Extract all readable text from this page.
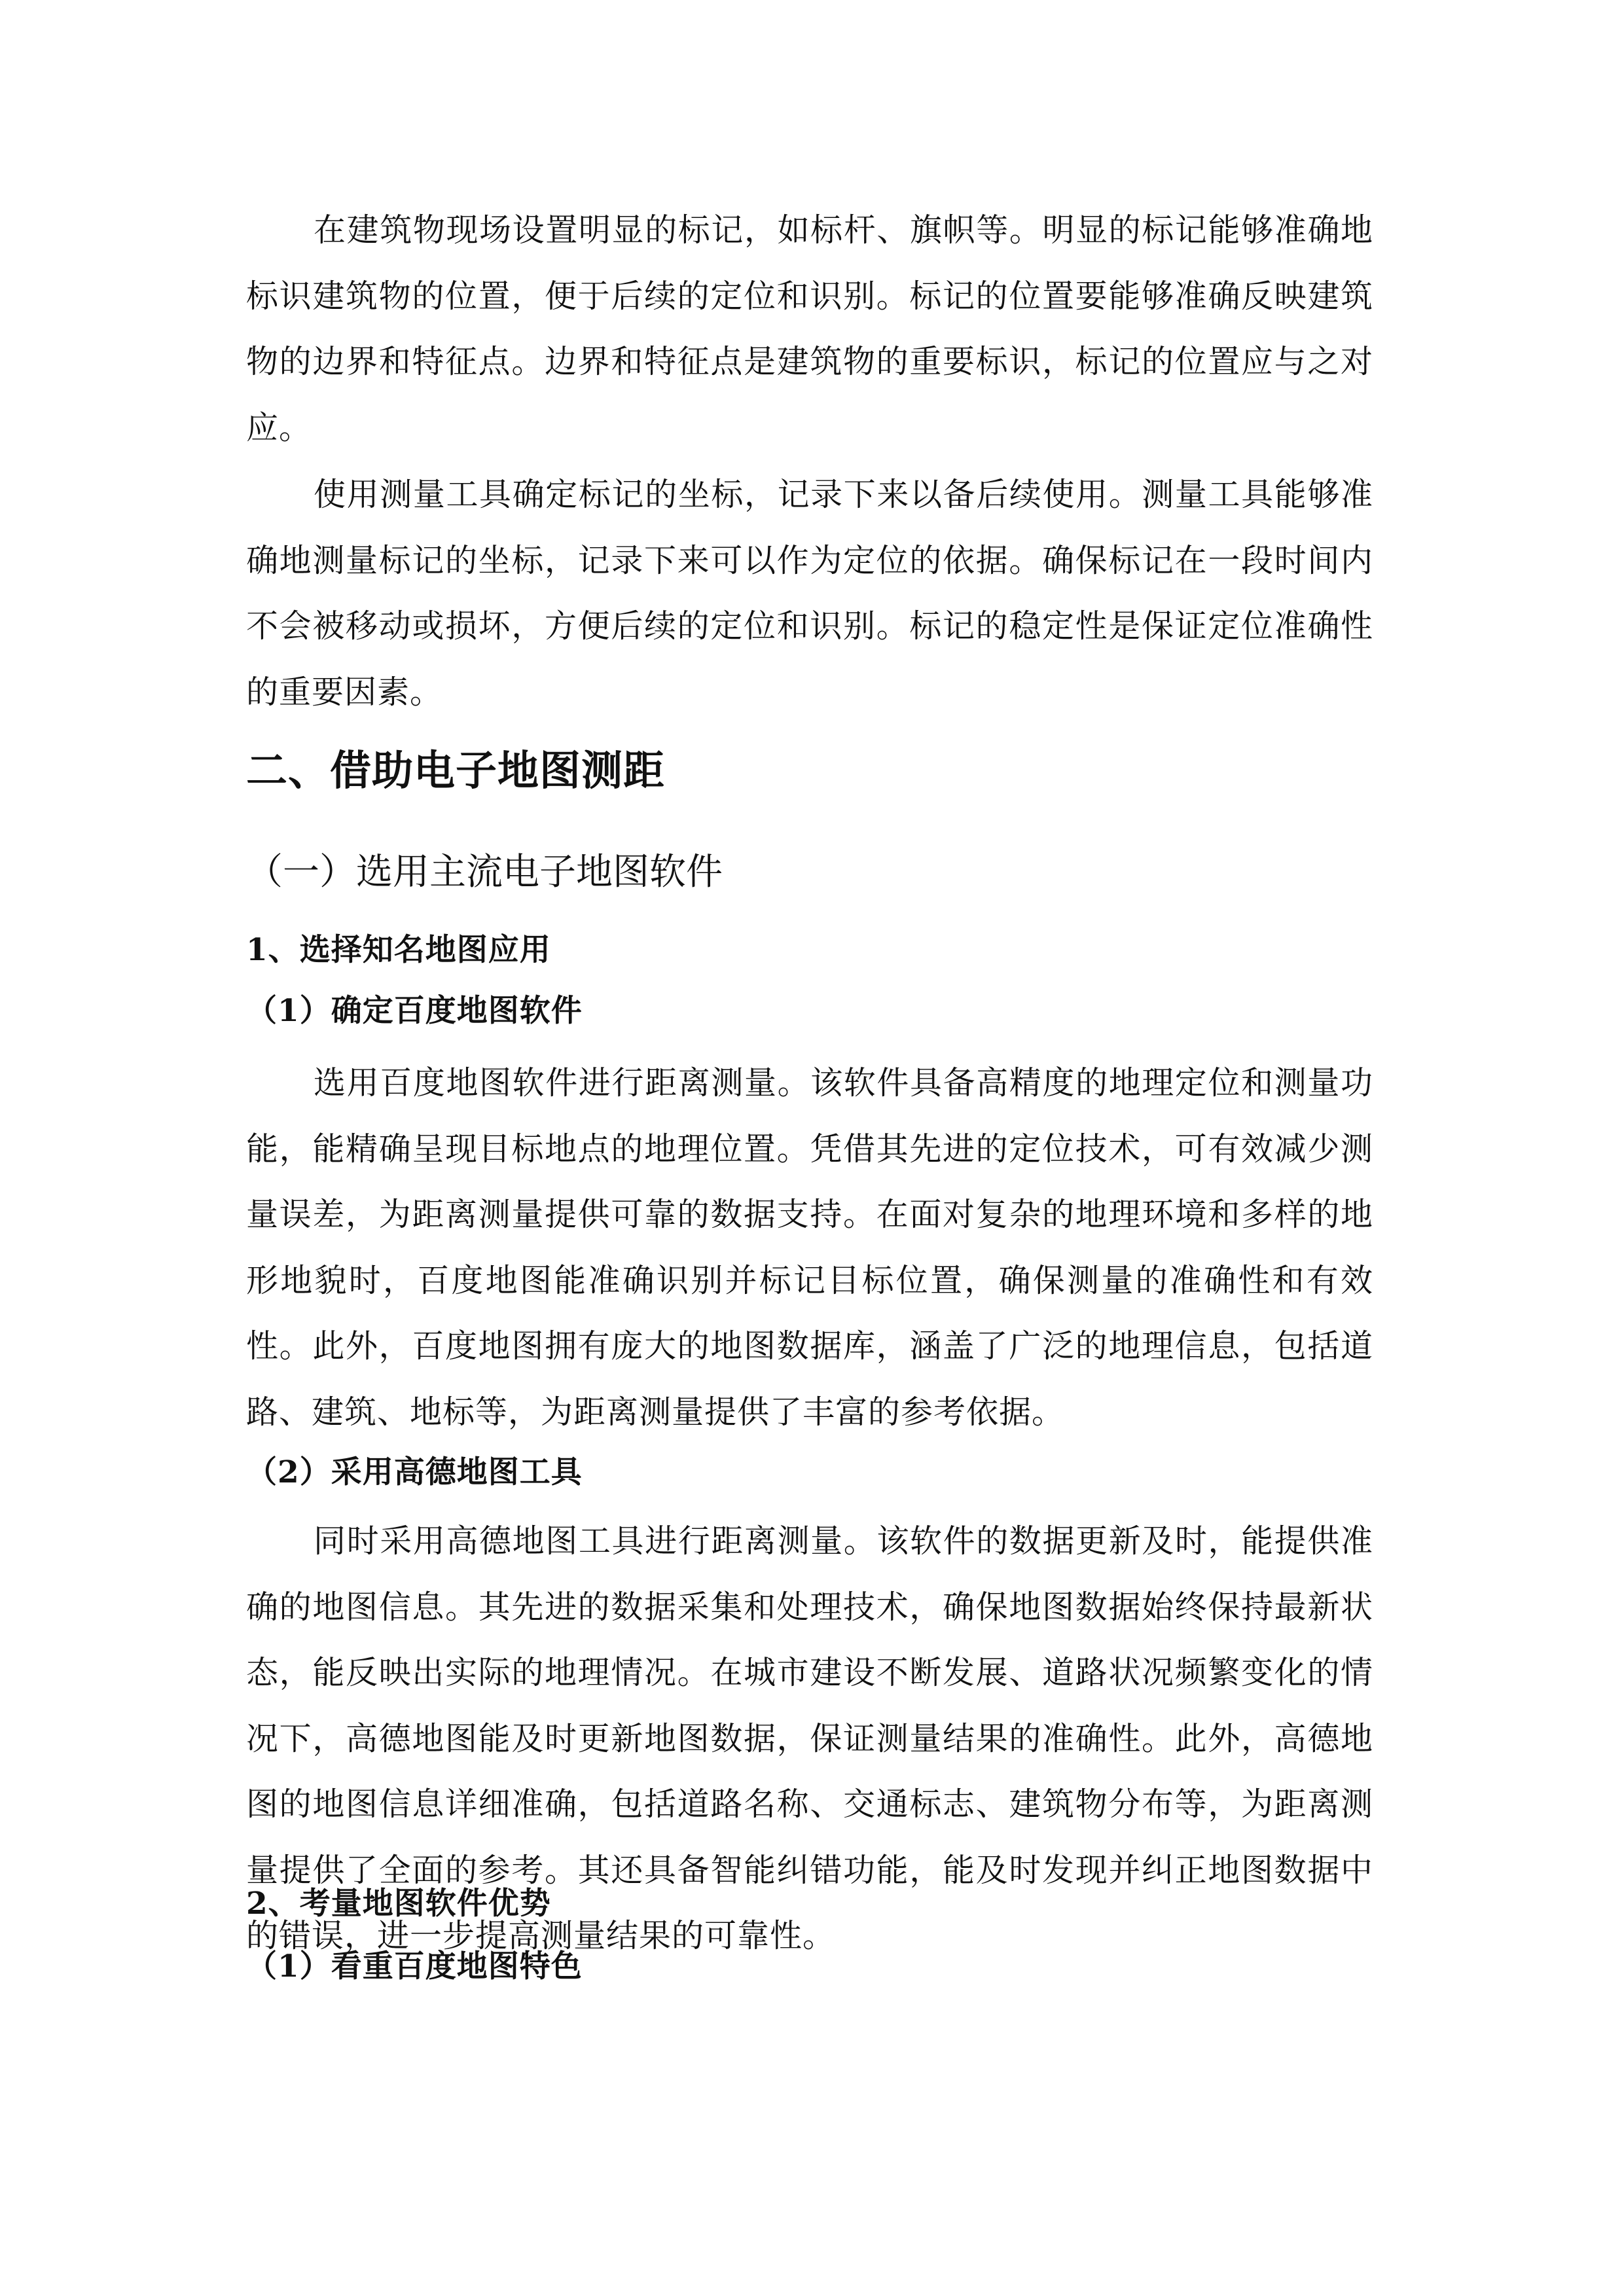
在建筑物现场设置明显的标记，如标杆、旗帜等。明显的标记能够准确地标识建筑物的位置，便于后续的定位和识别。标记的位置要能够准确反映建筑物的边界和特征点。边界和特征点是建筑物的重要标识，标记的位置应与之对应。

使用测量工具确定标记的坐标，记录下来以备后续使用。测量工具能够准确地测量标记的坐标，记录下来可以作为定位的依据。确保标记在一段时间内不会被移动或损坏，方便后续的定位和识别。标记的稳定性是保证定位准确性的重要因素。

二、借助电子地图测距
（一）选用主流电子地图软件
1、选择知名地图应用
（1）确定百度地图软件

选用百度地图软件进行距离测量。该软件具备高精度的地理定位和测量功能，能精确呈现目标地点的地理位置。凭借其先进的定位技术，可有效减少测量误差，为距离测量提供可靠的数据支持。在面对复杂的地理环境和多样的地形地貌时，百度地图能准确识别并标记目标位置，确保测量的准确性和有效性。此外，百度地图拥有庞大的地图数据库，涵盖了广泛的地理信息，包括道路、建筑、地标等，为距离测量提供了丰富的参考依据。

（2）采用高德地图工具

同时采用高德地图工具进行距离测量。该软件的数据更新及时，能提供准确的地图信息。其先进的数据采集和处理技术，确保地图数据始终保持最新状态，能反映出实际的地理情况。在城市建设不断发展、道路状况频繁变化的情况下，高德地图能及时更新地图数据，保证测量结果的准确性。此外，高德地图的地图信息详细准确，包括道路名称、交通标志、建筑物分布等，为距离测量提供了全面的参考。其还具备智能纠错功能，能及时发现并纠正地图数据中的错误，进一步提高测量结果的可靠性。

2、考量地图软件优势
（1）看重百度地图特色
